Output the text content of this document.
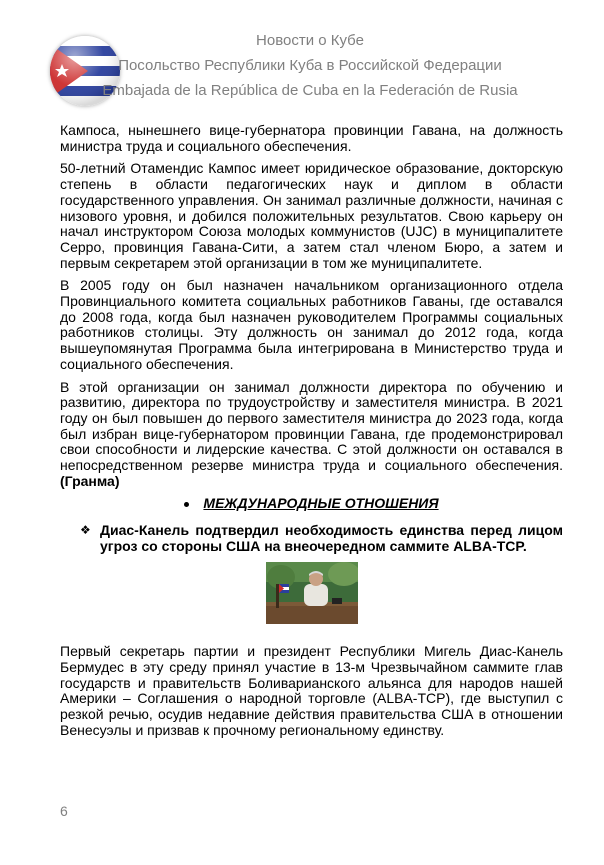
Новости о Кубе
Посольство Республики Куба в Российской Федерации
Embajada de la República de Cuba en la Federación de Rusia

Кампоса, нынешнего вице-губернатора провинции Гавана, на должность министра труда и социального обеспечения.

50-летний Отамендис Кампос имеет юридическое образование, докторскую степень в области педагогических наук и диплом в области государственного управления. Он занимал различные должности, начиная с низового уровня, и добился положительных результатов. Свою карьеру он начал инструктором Союза молодых коммунистов (UJC) в муниципалитете Серро, провинция Гавана-Сити, а затем стал членом Бюро, а затем и первым секретарем этой организации в том же муниципалитете.

В 2005 году он был назначен начальником организационного отдела Провинциального комитета социальных работников Гаваны, где оставался до 2008 года, когда был назначен руководителем Программы социальных работников столицы. Эту должность он занимал до 2012 года, когда вышеупомянутая Программа была интегрирована в Министерство труда и социального обеспечения.

В этой организации он занимал должности директора по обучению и развитию, директора по трудоустройству и заместителя министра. В 2021 году он был повышен до первого заместителя министра до 2023 года, когда был избран вице-губернатором провинции Гавана, где продемонстрировал свои способности и лидерские качества. С этой должности он оставался в непосредственном резерве министра труда и социального обеспечения. (Гранма)

МЕЖДУНАРОДНЫЕ ОТНОШЕНИЯ
❖ Диас-Канель подтвердил необходимость единства перед лицом угроз со стороны США на внеочередном саммите ALBA-TCP.

Первый секретарь партии и президент Республики Мигель Диас-Канель Бермудес в эту среду принял участие в 13-м Чрезвычайном саммите глав государств и правительств Боливарианского альянса для народов нашей Америки – Соглашения о народной торговле (ALBA-TCP), где выступил с резкой речью, осудив недавние действия правительства США в отношении Венесуэлы и призвав к прочному региональному единству.

6
